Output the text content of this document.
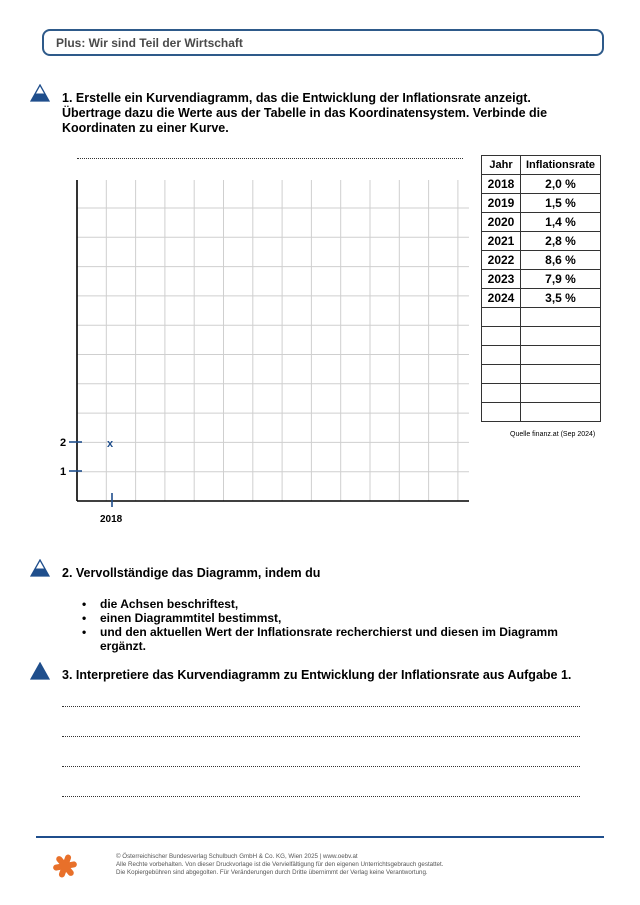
Plus: Wir sind Teil der Wirtschaft
1. Erstelle ein Kurvendiagramm, das die Entwicklung der Inflationsrate anzeigt.
Übertrage dazu die Werte aus der Tabelle in das Koordinatensystem. Verbinde die
Koordinaten zu einer Kurve.
2
1
2018
x
Jahr	Inflationsrate
2018	2,0 %
2019	1,5 %
2020	1,4 %
2021	2,8 %
2022	8,6 %
2023	7,9 %
2024	3,5 %

Quelle finanz.at (Sep 2024)
2. Vervollständige das Diagramm, indem du
• die Achsen beschriftest,
• einen Diagrammtitel bestimmst,
• und den aktuellen Wert der Inflationsrate recherchierst und diesen im Diagramm
ergänzt.
3. Interpretiere das Kurvendiagramm zu Entwicklung der Inflationsrate aus Aufgabe 1.
© Österreichischer Bundesverlag Schulbuch GmbH & Co. KG, Wien 2025 | www.oebv.at
Alle Rechte vorbehalten. Von dieser Druckvorlage ist die Vervielfältigung für den eigenen Unterrichtsgebrauch gestattet.
Die Kopiergebühren sind abgegolten. Für Veränderungen durch Dritte übernimmt der Verlag keine Verantwortung.
